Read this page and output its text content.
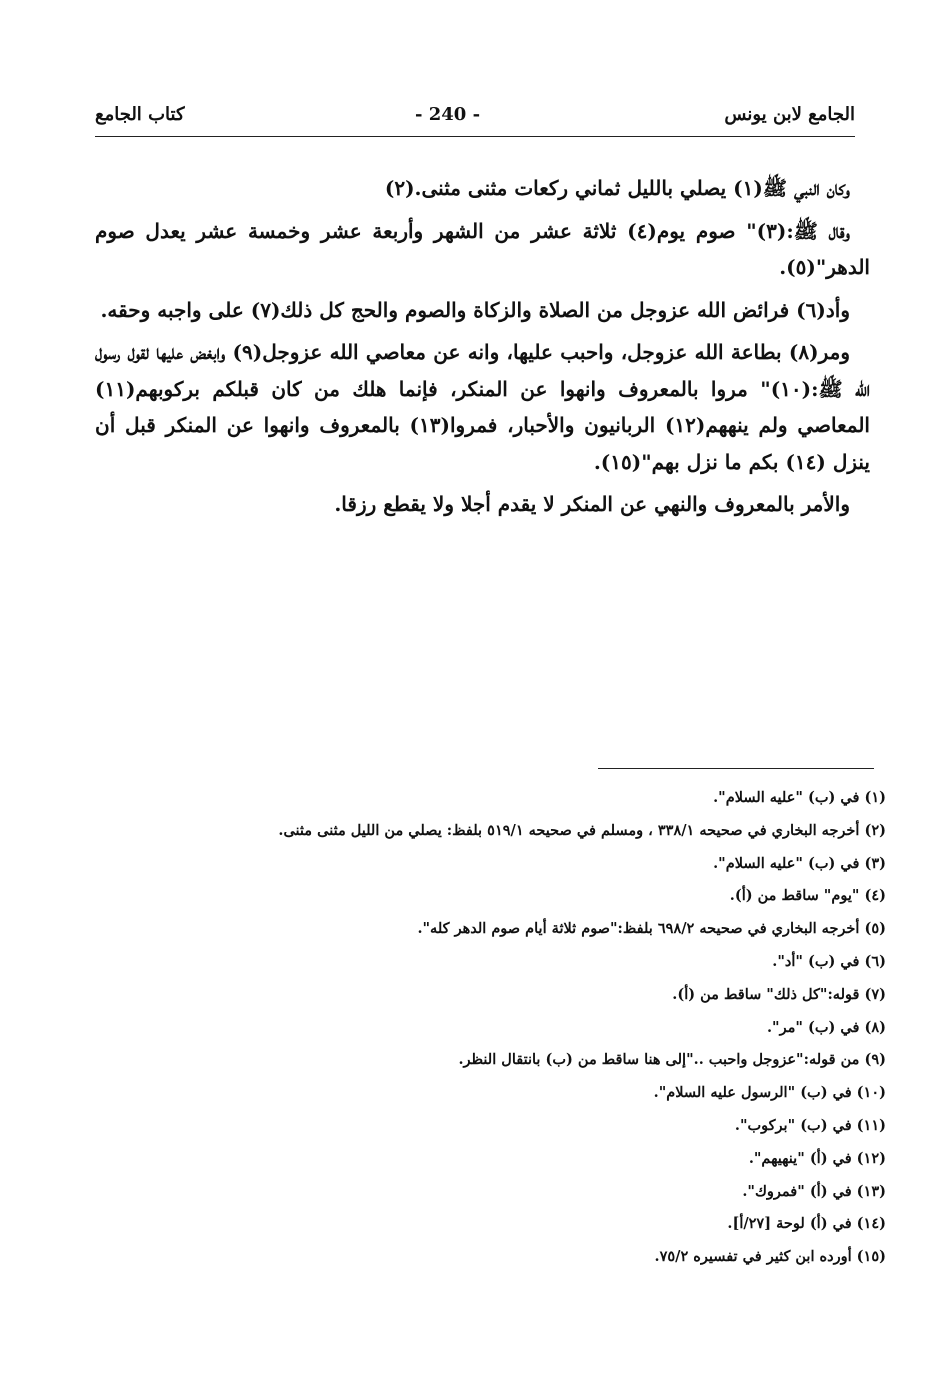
الجامع لابن يونس
- 240 -
كتاب الجامع

وكان النبي ﷺ(١) يصلي بالليل ثماني ركعات مثنى مثنى.(٢)

وقال ﷺ:(٣)" صوم يوم(٤) ثلاثة عشر من الشهر وأربعة عشر وخمسة عشر يعدل صوم الدهر"(٥).

وأد(٦) فرائض الله عزوجل من الصلاة والزكاة والصوم والحج كل ذلك(٧) على واجبه وحقه.

ومر(٨) بطاعة الله عزوجل، واحبب عليها، وانه عن معاصي الله عزوجل(٩) وابغض عليها لقول رسول الله ﷺ:(١٠)" مروا بالمعروف وانهوا عن المنكر، فإنما هلك من كان قبلكم بركوبهم(١١) المعاصي ولم ينههم(١٢) الربانيون والأحبار، فمروا(١٣) بالمعروف وانهوا عن المنكر قبل أن ينزل (١٤) بكم ما نزل بهم"(١٥).

والأمر بالمعروف والنهي عن المنكر لا يقدم أجلا ولا يقطع رزقا.

(١) في (ب) "عليه السلام".

(٢) أخرجه البخاري في صحيحه ٣٣٨/١ ، ومسلم في صحيحه ٥١٩/١ بلفظ: يصلي من الليل مثنى مثنى.

(٣) في (ب) "عليه السلام".

(٤) "يوم" ساقط من (أ).

(٥) أخرجه البخاري في صحيحه ٦٩٨/٢ بلفظ:"صوم ثلاثة أيام صوم الدهر كله".

(٦) في (ب) "أد".

(٧) قوله:"كل ذلك" ساقط من (أ).

(٨) في (ب) "مر".

(٩) من قوله:"عزوجل واحبب .."إلى هنا ساقط من (ب) بانتقال النظر.

(١٠) في (ب) "الرسول عليه السلام".

(١١) في (ب) "بركوب".

(١٢) في (أ) "ينهيهم".

(١٣) في (أ) "فمروك".

(١٤) في (أ) لوحة [٢٧/أ].

(١٥) أورده ابن كثير في تفسيره ٧٥/٢.
